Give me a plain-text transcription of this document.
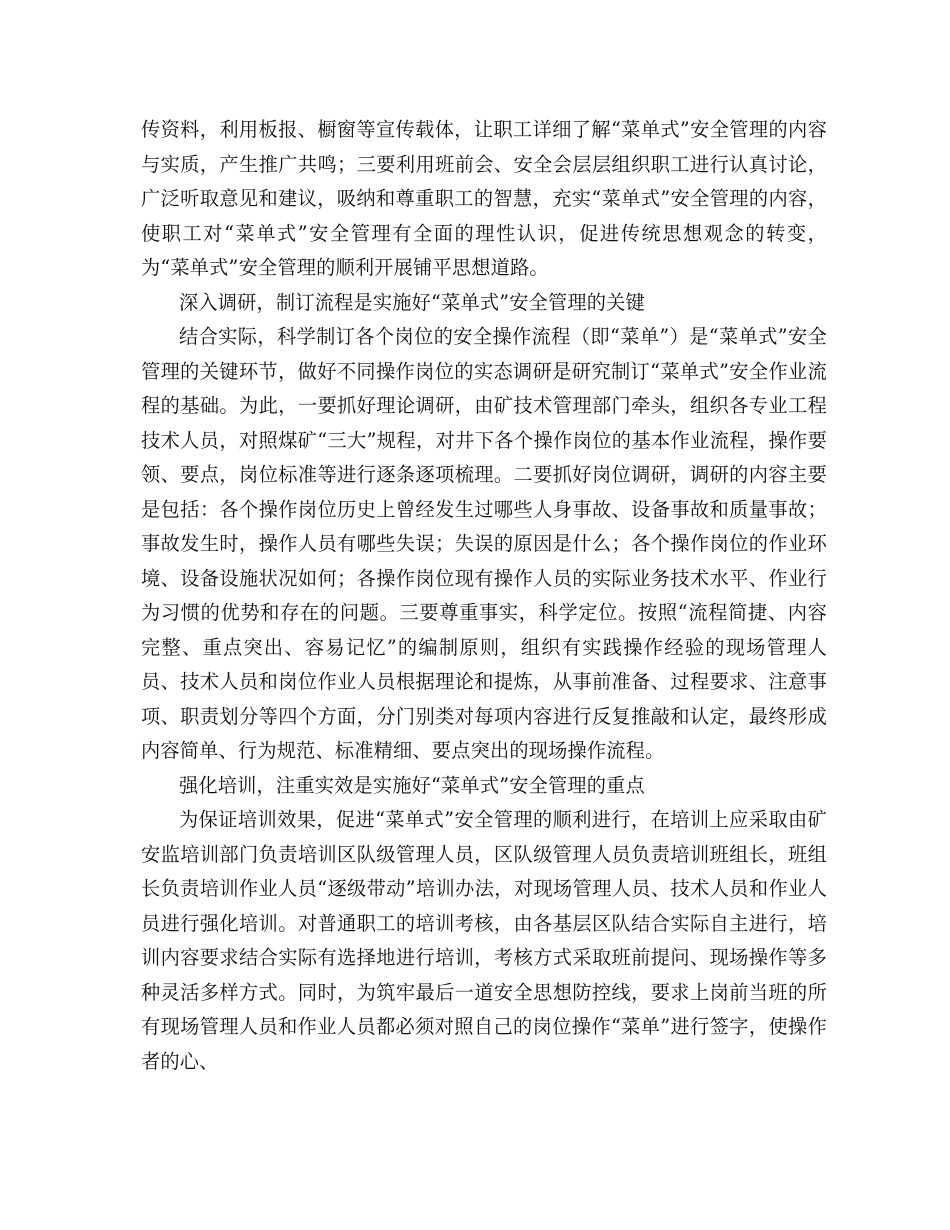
传资料，利用板报、橱窗等宣传载体，让职工详细了解“菜单式”安全管理的内容与实质，产生推广共鸣；三要利用班前会、安全会层层组织职工进行认真讨论，广泛听取意见和建议，吸纳和尊重职工的智慧，充实“菜单式”安全管理的内容，使职工对“菜单式”安全管理有全面的理性认识，促进传统思想观念的转变，为“菜单式”安全管理的顺利开展铺平思想道路。

深入调研，制订流程是实施好“菜单式”安全管理的关键

结合实际，科学制订各个岗位的安全操作流程（即“菜单”）是“菜单式”安全管理的关键环节，做好不同操作岗位的实态调研是研究制订“菜单式”安全作业流程的基础。为此，一要抓好理论调研，由矿技术管理部门牵头，组织各专业工程技术人员，对照煤矿“三大”规程，对井下各个操作岗位的基本作业流程，操作要领、要点，岗位标准等进行逐条逐项梳理。二要抓好岗位调研，调研的内容主要是包括：各个操作岗位历史上曾经发生过哪些人身事故、设备事故和质量事故；事故发生时，操作人员有哪些失误；失误的原因是什么；各个操作岗位的作业环境、设备设施状况如何；各操作岗位现有操作人员的实际业务技术水平、作业行为习惯的优势和存在的问题。三要尊重事实，科学定位。按照“流程简捷、内容完整、重点突出、容易记忆”的编制原则，组织有实践操作经验的现场管理人员、技术人员和岗位作业人员根据理论和提炼，从事前准备、过程要求、注意事项、职责划分等四个方面，分门别类对每项内容进行反复推敲和认定，最终形成内容简单、行为规范、标准精细、要点突出的现场操作流程。

强化培训，注重实效是实施好“菜单式”安全管理的重点

为保证培训效果，促进“菜单式”安全管理的顺利进行，在培训上应采取由矿安监培训部门负责培训区队级管理人员，区队级管理人员负责培训班组长，班组长负责培训作业人员“逐级带动”培训办法，对现场管理人员、技术人员和作业人员进行强化培训。对普通职工的培训考核，由各基层区队结合实际自主进行，培训内容要求结合实际有选择地进行培训，考核方式采取班前提问、现场操作等多种灵活多样方式。同时，为筑牢最后一道安全思想防控线，要求上岗前当班的所有现场管理人员和作业人员都必须对照自己的岗位操作“菜单”进行签字，使操作者的心、
